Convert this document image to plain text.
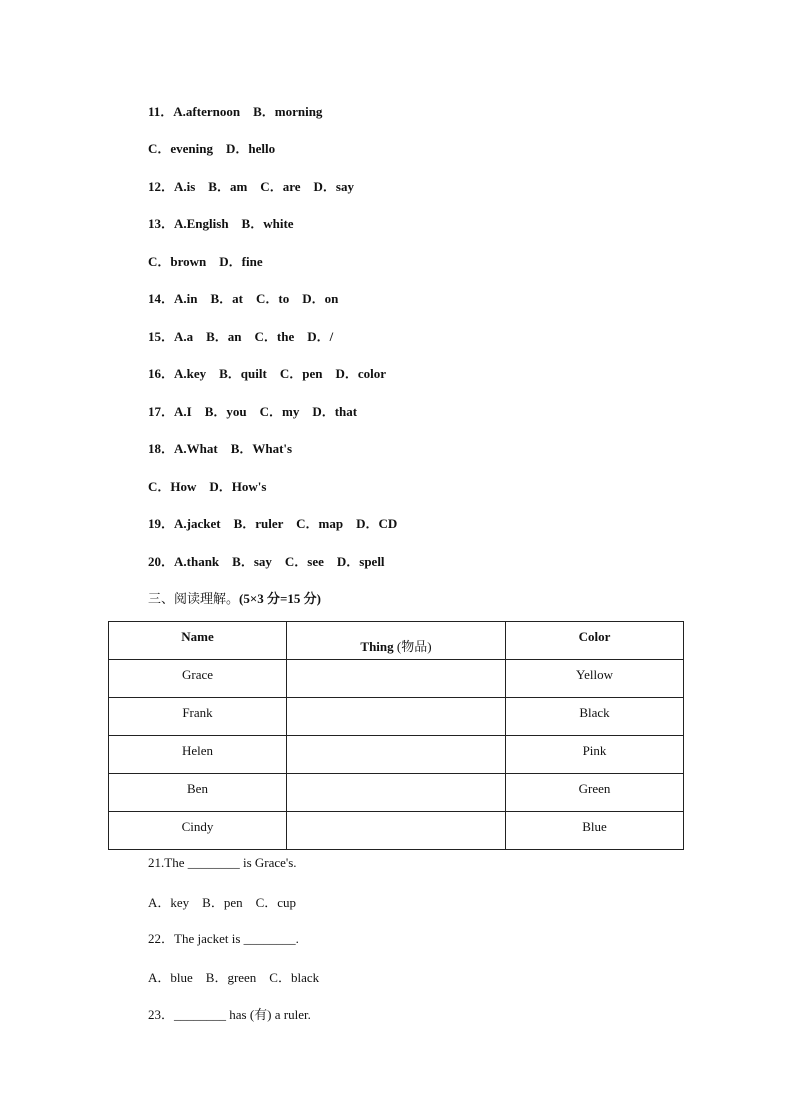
11．A.afternoon    B．morning
C．evening    D．hello
12．A.is    B．am    C．are    D．say
13．A.English    B．white
C．brown    D．fine
14．A.in    B．at    C．to    D．on
15．A.a    B．an    C．the    D．/
16．A.key    B．quilt    C．pen    D．color
17．A.I    B．you    C．my    D．that
18．A.What    B．What's
C．How    D．How's
19．A.jacket    B．ruler    C．map    D．CD
20．A.thank    B．say    C．see    D．spell
三、阅读理解。(5×3 分=15 分)
Name	Thing (物品)	Color
Grace		Yellow
Frank		Black
Helen		Pink
Ben		Green
Cindy		Blue
21.The ________ is Grace's.
A．key    B．pen    C．cup
22．The jacket is ________.
A．blue    B．green    C．black
23．________ has (有) a ruler.
